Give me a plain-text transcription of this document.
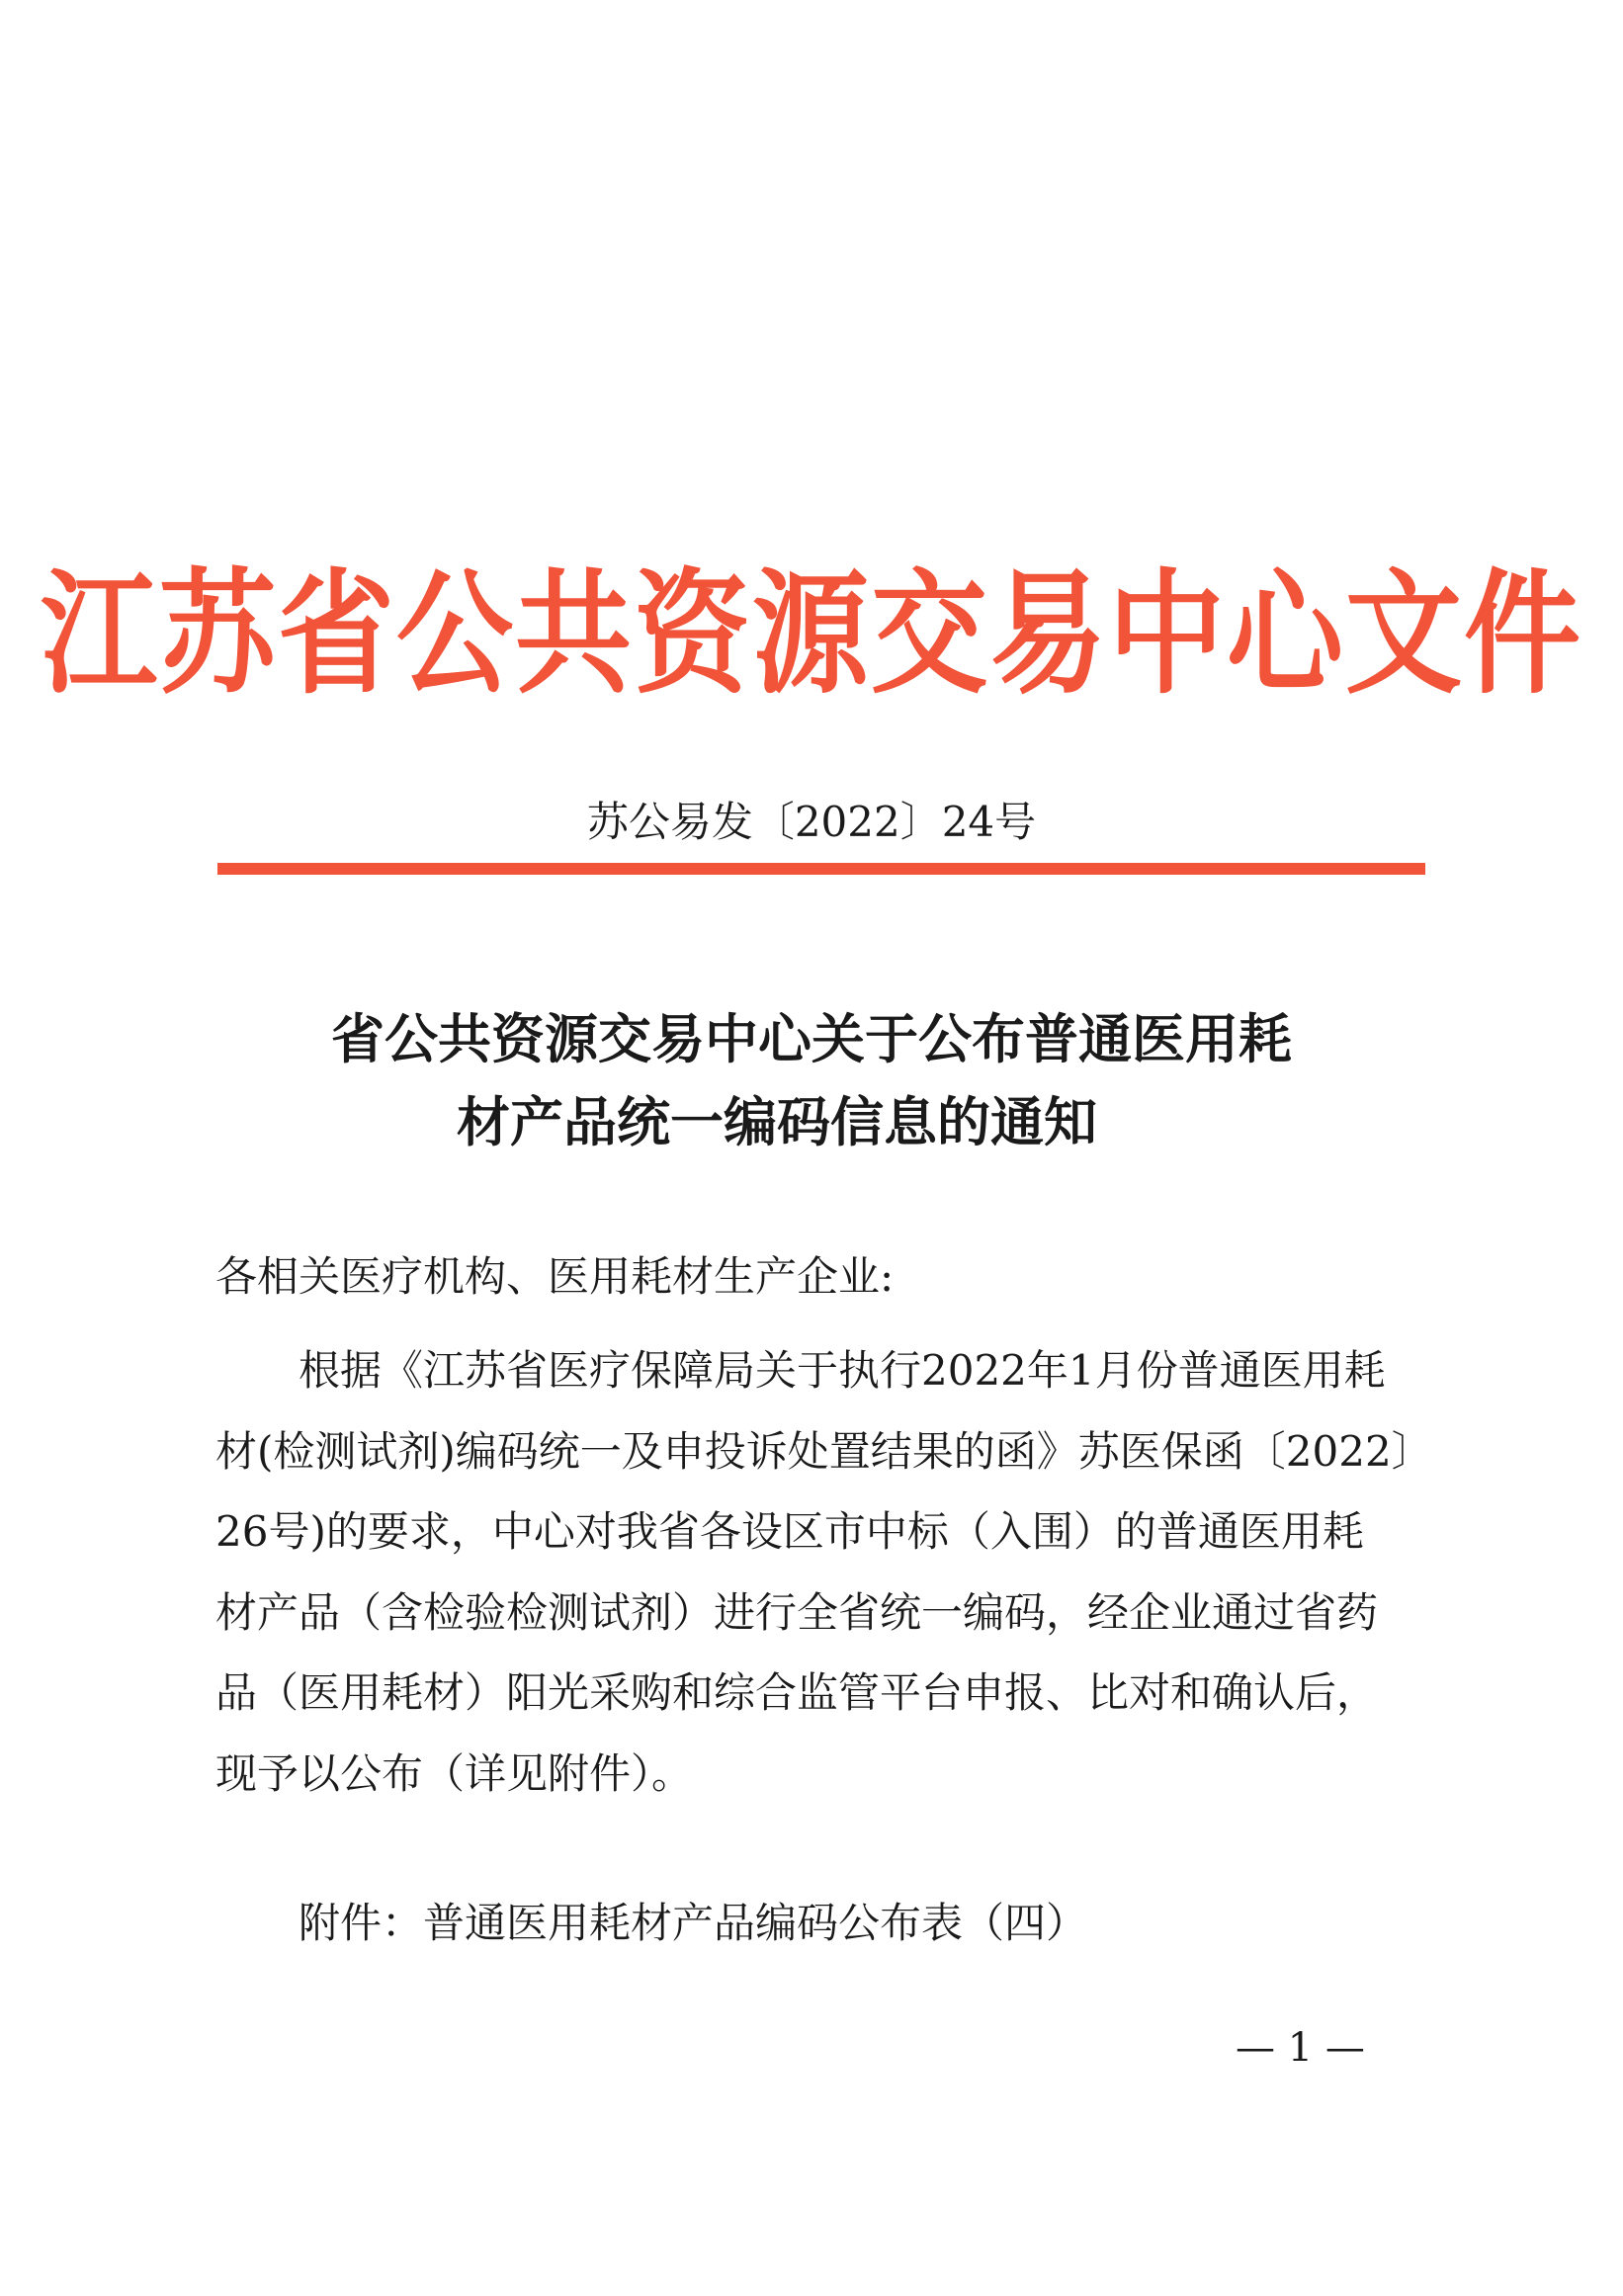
江苏省公共资源交易中心文件
苏公易发〔2022〕24号
省公共资源交易中心关于公布普通医用耗
材产品统一编码信息的通知
各相关医疗机构、医用耗材生产企业:
根据《江苏省医疗保障局关于执行2022年1月份普通医用耗
材(检测试剂)编码统一及申投诉处置结果的函》苏医保函〔2022〕
26号)的要求，中心对我省各设区市中标（入围）的普通医用耗
材产品（含检验检测试剂）进行全省统一编码，经企业通过省药
品（医用耗材）阳光采购和综合监管平台申报、比对和确认后，
现予以公布（详见附件）。
附件：普通医用耗材产品编码公布表（四）
— 1 —
